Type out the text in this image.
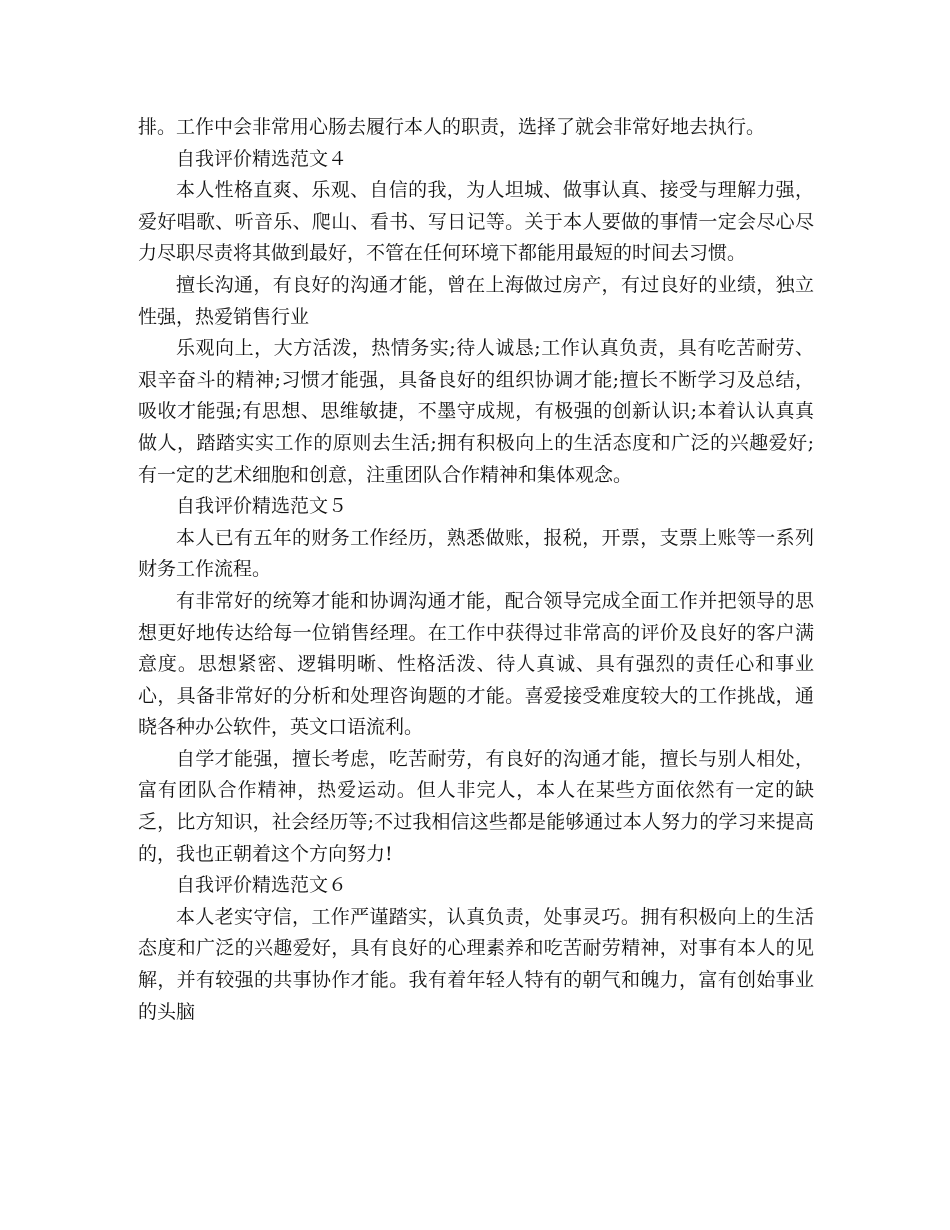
排。工作中会非常用心肠去履行本人的职责，选择了就会非常好地去执行。

自我评价精选范文４

本人性格直爽、乐观、自信的我，为人坦城、做事认真、接受与理解力强，爱好唱歌、听音乐、爬山、看书、写日记等。关于本人要做的事情一定会尽心尽力尽职尽责将其做到最好，不管在任何环境下都能用最短的时间去习惯。

擅长沟通，有良好的沟通才能，曾在上海做过房产，有过良好的业绩，独立性强，热爱销售行业

乐观向上，大方活泼，热情务实;待人诚恳;工作认真负责，具有吃苦耐劳、艰辛奋斗的精神;习惯才能强，具备良好的组织协调才能;擅长不断学习及总结，吸收才能强;有思想、思维敏捷，不墨守成规，有极强的创新认识;本着认认真真做人，踏踏实实工作的原则去生活;拥有积极向上的生活态度和广泛的兴趣爱好;有一定的艺术细胞和创意，注重团队合作精神和集体观念。

自我评价精选范文５

本人已有五年的财务工作经历，熟悉做账，报税，开票，支票上账等一系列财务工作流程。

有非常好的统筹才能和协调沟通才能，配合领导完成全面工作并把领导的思想更好地传达给每一位销售经理。在工作中获得过非常高的评价及良好的客户满意度。思想紧密、逻辑明晰、性格活泼、待人真诚、具有强烈的责任心和事业心，具备非常好的分析和处理咨询题的才能。喜爱接受难度较大的工作挑战，通晓各种办公软件，英文口语流利。

自学才能强，擅长考虑，吃苦耐劳，有良好的沟通才能，擅长与别人相处，富有团队合作精神，热爱运动。但人非完人，本人在某些方面依然有一定的缺乏，比方知识，社会经历等;不过我相信这些都是能够通过本人努力的学习来提高的，我也正朝着这个方向努力!

自我评价精选范文６

本人老实守信，工作严谨踏实，认真负责，处事灵巧。拥有积极向上的生活态度和广泛的兴趣爱好，具有良好的心理素养和吃苦耐劳精神，对事有本人的见解，并有较强的共事协作才能。我有着年轻人特有的朝气和魄力，富有创始事业的头脑
